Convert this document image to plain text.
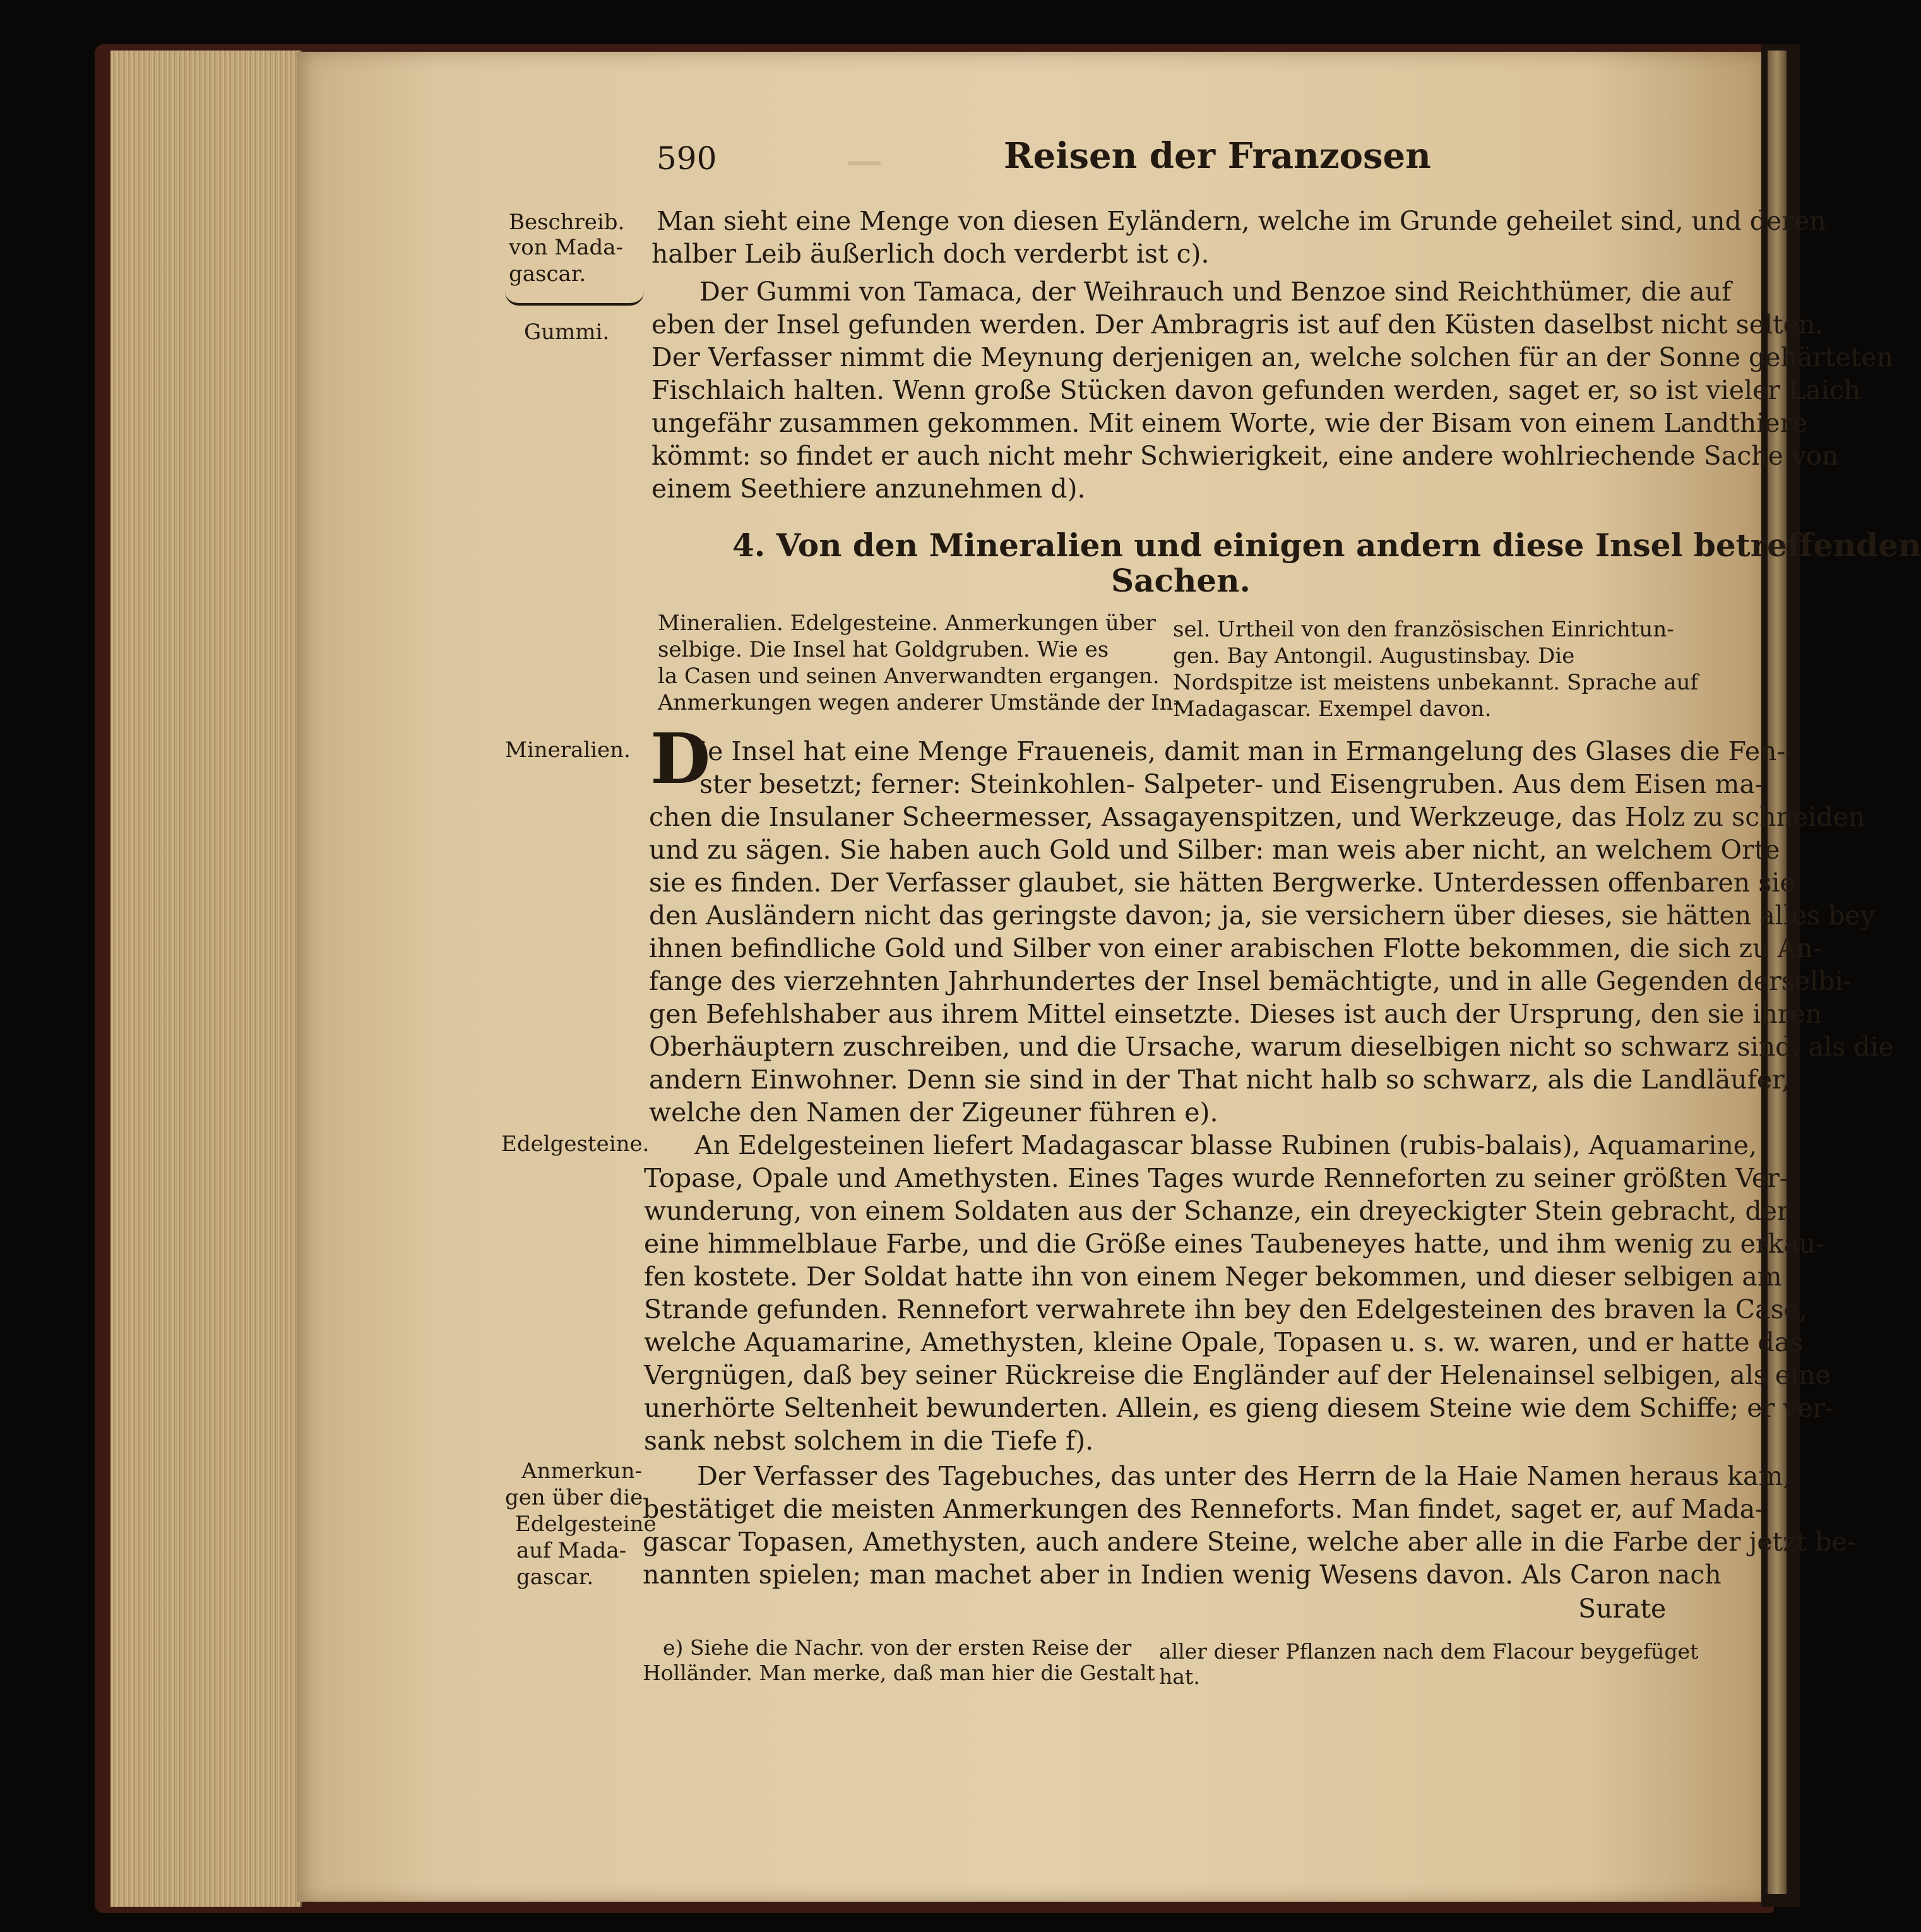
—
590	Reisen der Franzosen
Beschreib.
von Mada-
gascar.
Gummi.
Mineralien.
Edelgesteine.
Anmerkun-
gen über die
Edelgesteine
auf Mada-
gascar.
Man sieht eine Menge von diesen Eyländern, welche im Grunde geheilet sind, und deren
halber Leib äußerlich doch verderbt ist c).
Der Gummi von Tamaca, der Weihrauch und Benzoe sind Reichthümer, die auf
eben der Insel gefunden werden. Der Ambragris ist auf den Küsten daselbst nicht selten.
Der Verfasser nimmt die Meynung derjenigen an, welche solchen für an der Sonne gehärteten
Fischlaich halten. Wenn große Stücken davon gefunden werden, saget er, so ist vieler Laich
ungefähr zusammen gekommen. Mit einem Worte, wie der Bisam von einem Landthiere
kömmt: so findet er auch nicht mehr Schwierigkeit, eine andere wohlriechende Sache von
einem Seethiere anzunehmen d).
4. Von den Mineralien und einigen andern diese Insel betreffenden
Sachen.
Mineralien. Edelgesteine. Anmerkungen über
selbige. Die Insel hat Goldgruben. Wie es
la Casen und seinen Anverwandten ergangen.
Anmerkungen wegen anderer Umstände der In-
sel. Urtheil von den französischen Einrichtun-
gen. Bay Antongil. Augustinsbay. Die
Nordspitze ist meistens unbekannt. Sprache auf
Madagascar. Exempel davon.
D
ie Insel hat eine Menge Fraueneis, damit man in Ermangelung des Glases die Fen-
ster besetzt; ferner: Steinkohlen- Salpeter- und Eisengruben. Aus dem Eisen ma-
chen die Insulaner Scheermesser, Assagayenspitzen, und Werkzeuge, das Holz zu schneiden
und zu sägen. Sie haben auch Gold und Silber: man weis aber nicht, an welchem Orte
sie es finden. Der Verfasser glaubet, sie hätten Bergwerke. Unterdessen offenbaren sie
den Ausländern nicht das geringste davon; ja, sie versichern über dieses, sie hätten alles bey
ihnen befindliche Gold und Silber von einer arabischen Flotte bekommen, die sich zu An-
fange des vierzehnten Jahrhundertes der Insel bemächtigte, und in alle Gegenden derselbi-
gen Befehlshaber aus ihrem Mittel einsetzte. Dieses ist auch der Ursprung, den sie ihren
Oberhäuptern zuschreiben, und die Ursache, warum dieselbigen nicht so schwarz sind, als die
andern Einwohner. Denn sie sind in der That nicht halb so schwarz, als die Landläufer,
welche den Namen der Zigeuner führen e).
An Edelgesteinen liefert Madagascar blasse Rubinen (rubis-balais), Aquamarine,
Topase, Opale und Amethysten. Eines Tages wurde Renneforten zu seiner größten Ver-
wunderung, von einem Soldaten aus der Schanze, ein dreyeckigter Stein gebracht, der
eine himmelblaue Farbe, und die Größe eines Taubeneyes hatte, und ihm wenig zu erkau-
fen kostete. Der Soldat hatte ihn von einem Neger bekommen, und dieser selbigen am
Strande gefunden. Rennefort verwahrete ihn bey den Edelgesteinen des braven la Case,
welche Aquamarine, Amethysten, kleine Opale, Topasen u. s. w. waren, und er hatte das
Vergnügen, daß bey seiner Rückreise die Engländer auf der Helenainsel selbigen, als eine
unerhörte Seltenheit bewunderten. Allein, es gieng diesem Steine wie dem Schiffe; er ver-
sank nebst solchem in die Tiefe f).
Der Verfasser des Tagebuches, das unter des Herrn de la Haie Namen heraus kam,
bestätiget die meisten Anmerkungen des Renneforts. Man findet, saget er, auf Mada-
gascar Topasen, Amethysten, auch andere Steine, welche aber alle in die Farbe der jetzt be-
nannten spielen; man machet aber in Indien wenig Wesens davon. Als Caron nach
Surate
e) Siehe die Nachr. von der ersten Reise der
Holländer. Man merke, daß man hier die Gestalt
aller dieser Pflanzen nach dem Flacour beygefüget
hat.
